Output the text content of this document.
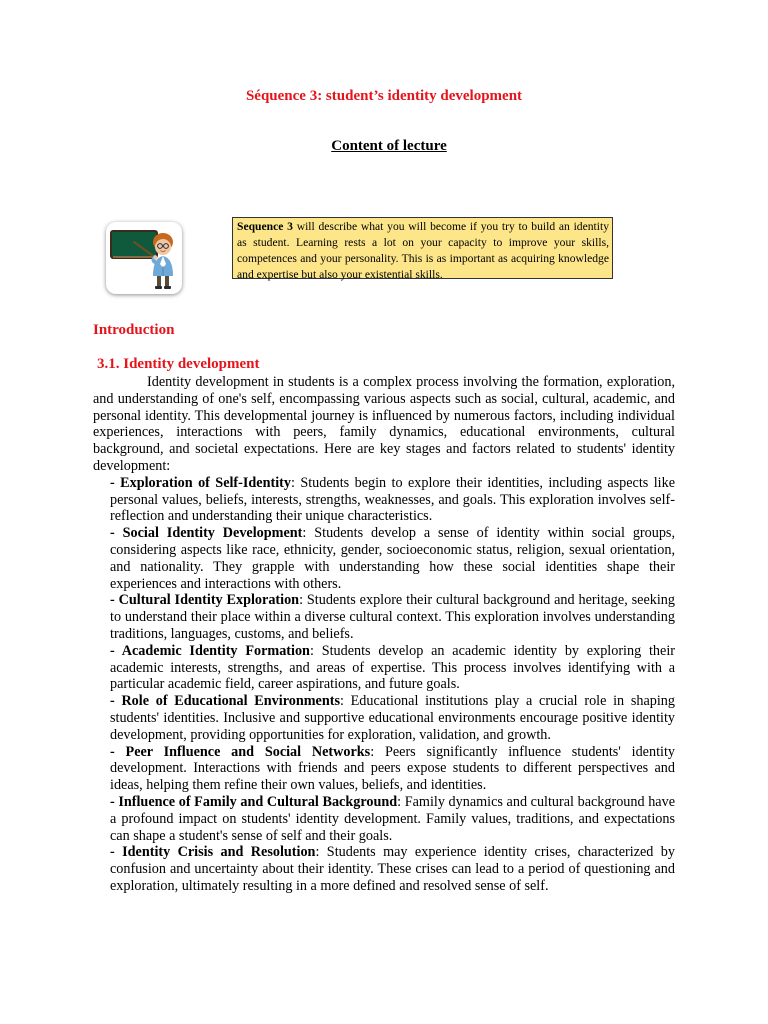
Séquence 3: student’s identity development
Content of lecture
Sequence 3 will describe what you will become if you try to build an identity as student. Learning rests a lot on your capacity to improve your skills, competences and your personality. This is as important as acquiring knowledge and expertise but also your existential skills.
Introduction
3.1. Identity development

Identity development in students is a complex process involving the formation, exploration, and understanding of one's self, encompassing various aspects such as social, cultural, academic, and personal identity. This developmental journey is influenced by numerous factors, including individual experiences, interactions with peers, family dynamics, educational environments, cultural background, and societal expectations. Here are key stages and factors related to students' identity development:

- Exploration of Self-Identity: Students begin to explore their identities, including aspects like personal values, beliefs, interests, strengths, weaknesses, and goals. This exploration involves self-reflection and understanding their unique characteristics.

- Social Identity Development: Students develop a sense of identity within social groups, considering aspects like race, ethnicity, gender, socioeconomic status, religion, sexual orientation, and nationality. They grapple with understanding how these social identities shape their experiences and interactions with others.

- Cultural Identity Exploration: Students explore their cultural background and heritage, seeking to understand their place within a diverse cultural context. This exploration involves understanding traditions, languages, customs, and beliefs.

- Academic Identity Formation: Students develop an academic identity by exploring their academic interests, strengths, and areas of expertise. This process involves identifying with a particular academic field, career aspirations, and future goals.

- Role of Educational Environments: Educational institutions play a crucial role in shaping students' identities. Inclusive and supportive educational environments encourage positive identity development, providing opportunities for exploration, validation, and growth.

- Peer Influence and Social Networks: Peers significantly influence students' identity development. Interactions with friends and peers expose students to different perspectives and ideas, helping them refine their own values, beliefs, and identities.

- Influence of Family and Cultural Background: Family dynamics and cultural background have a profound impact on students' identity development. Family values, traditions, and expectations can shape a student's sense of self and their goals.

- Identity Crisis and Resolution: Students may experience identity crises, characterized by confusion and uncertainty about their identity. These crises can lead to a period of questioning and exploration, ultimately resulting in a more defined and resolved sense of self.
